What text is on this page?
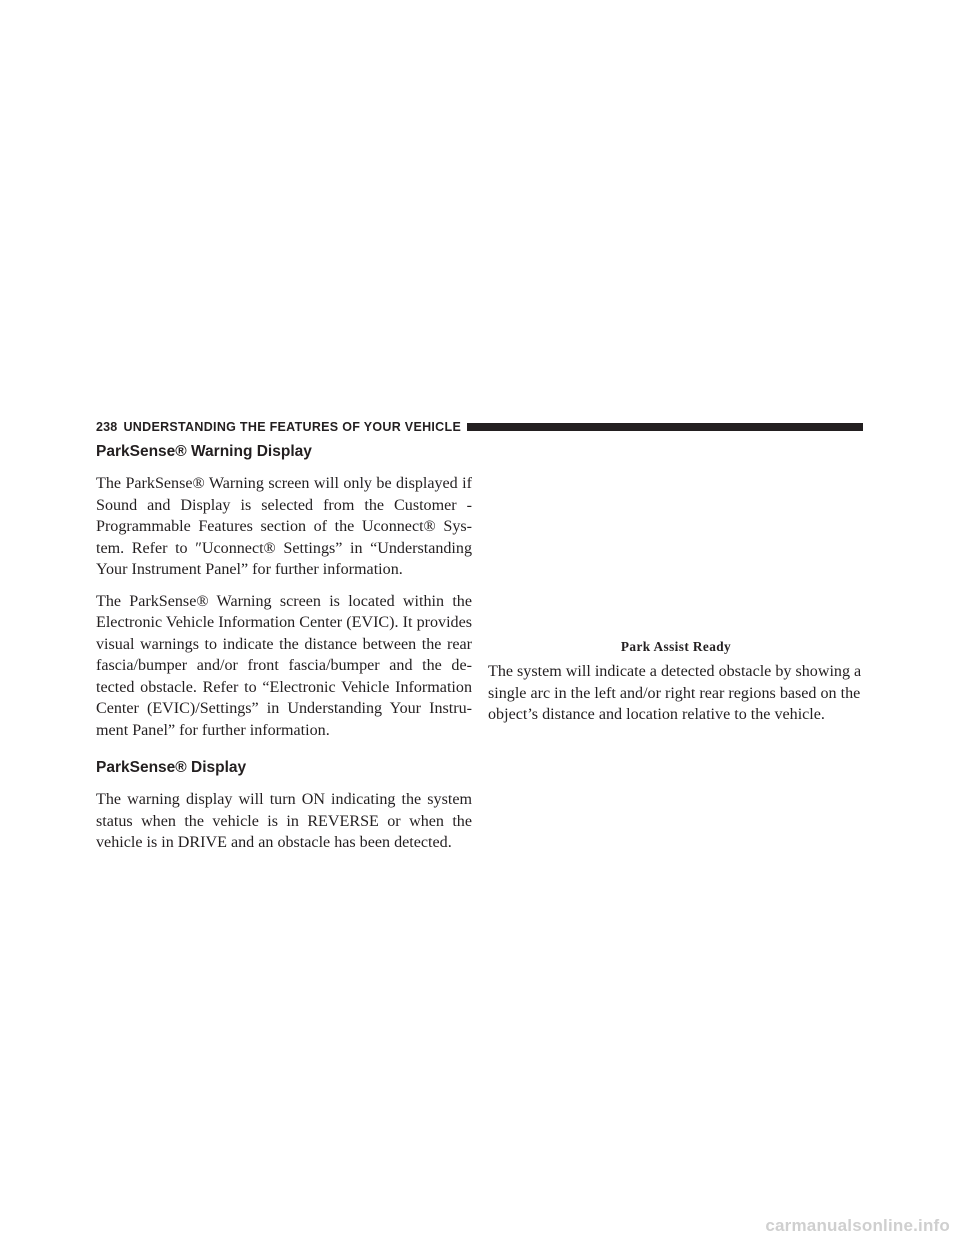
238 UNDERSTANDING THE FEATURES OF YOUR VEHICLE
ParkSense® Warning Display

The ParkSense® Warning screen will only be displayed if Sound and Display is selected from the Customer - Programmable Features section of the Uconnect® Sys- tem. Refer to ″Uconnect® Settings” in “Understanding Your Instrument Panel” for further information.

The ParkSense® Warning screen is located within the Electronic Vehicle Information Center (EVIC). It provides visual warnings to indicate the distance between the rear fascia/bumper and/or front fascia/bumper and the de- tected obstacle. Refer to “Electronic Vehicle Information Center (EVIC)/Settings” in Understanding Your Instru- ment Panel” for further information.

ParkSense® Display

The warning display will turn ON indicating the system status when the vehicle is in REVERSE or when the vehicle is in DRIVE and an obstacle has been detected.

Park Assist Ready

The system will indicate a detected obstacle by showing a single arc in the left and/or right rear regions based on the object’s distance and location relative to the vehicle.

carmanualsonline.info
